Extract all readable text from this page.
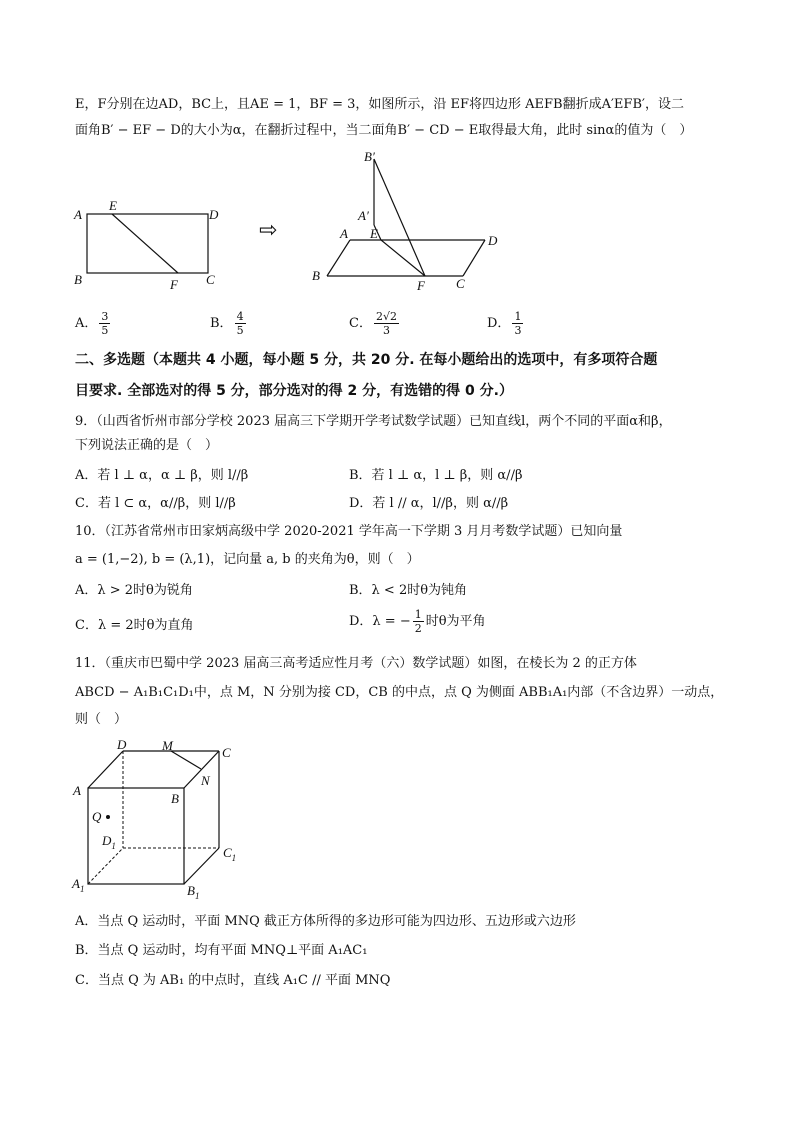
E，F分别在边AD，BC上，且AE = 1，BF = 3，如图所示，沿 EF将四边形 AEFB翻折成A′EFB′，设二
面角B′ − EF − D的大小为α，在翻折过程中，当二面角B′ − CD − E取得最大角，此时 sinα的值为（　）
A
E
D
B	F C
⇨
B′
A′
A E	D
B
F C
A． $\frac{3}{5}$	B． $\frac{4}{5}$	C． $\frac{2√2}{3}$	D． $\frac{1}{3}$
二、多选题（本题共 4 小题，每小题 5 分，共 20 分. 在每小题给出的选项中，有多项符合题
目要求. 全部选对的得 5 分，部分选对的得 2 分，有选错的得 0 分.）
9．（山西省忻州市部分学校 2023 届高三下学期开学考试数学试题）已知直线l，两个不同的平面α和β，
下列说法正确的是（　）
A．若 l ⊥ α，α ⊥ β，则 l//β	B．若 l ⊥ α，l ⊥ β，则 α//β
C．若 l ⊂ α，α//β，则 l//β	D．若 l // α，l//β，则 α//β
10．（江苏省常州市田家炳高级中学 2020-2021 学年高一下学期 3 月月考数学试题）已知向量
a = (1,−2), b = (λ,1)，记向量 a, b 的夹角为θ，则（　）
A．λ > 2时θ为锐角	B．λ < 2时θ为钝角
C．λ = 2时θ为直角	D．λ = − $\frac{1}{2}$ 时θ为平角
11．（重庆市巴蜀中学 2023 届高三高考适应性月考（六）数学试题）如图，在棱长为 2 的正方体
ABCD − A₁B₁C₁D₁中，点 M，N 分别为接 CD，CB 的中点，点 Q 为侧面 ABB₁A₁内部（不含边界）一动点，
则（　）
D	M	C
A
N
B
Q
$D_1$	$C_1$
$A_1$	$B_1$
A．当点 Q 运动时，平面 MNQ 截正方体所得的多边形可能为四边形、五边形或六边形
B．当点 Q 运动时，均有平面 MNQ⊥平面 A₁AC₁
C．当点 Q 为 AB₁ 的中点时，直线 A₁C // 平面 MNQ
